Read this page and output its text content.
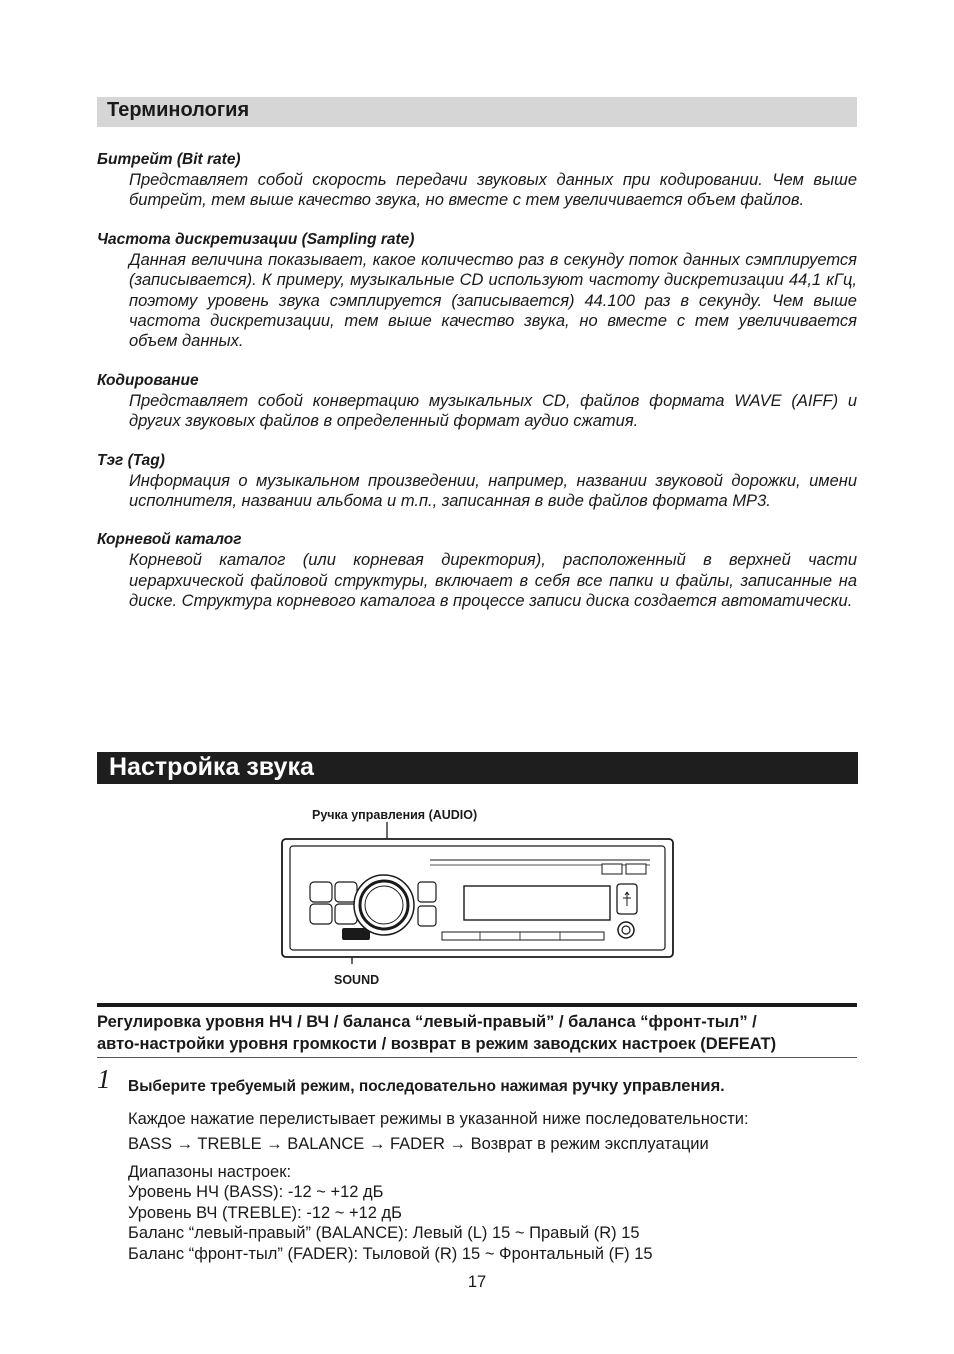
Терминология
Битрейт (Bit rate)
Представляет собой скорость передачи звуковых данных при кодировании. Чем выше битрейт, тем выше качество звука, но вместе с тем увеличивается объем файлов.
Частота дискретизации (Sampling rate)
Данная величина показывает, какое количество раз в секунду поток данных сэмплируется (записывается). К примеру, музыкальные CD используют частоту дискретизации 44,1 кГц, поэтому уровень звука сэмплируется (записывается) 44.100 раз в секунду. Чем выше частота дискретизации, тем выше качество звука, но вместе с тем увеличивается объем данных.
Кодирование
Представляет собой конвертацию музыкальных CD, файлов формата WAVE (AIFF) и других звуковых файлов в определенный формат аудио сжатия.
Тэг (Tag)
Информация о музыкальном произведении, например, названии звуковой дорожки, имени исполнителя, названии альбома и т.п., записанная в виде файлов формата MP3.
Корневой каталог
Корневой каталог (или корневая директория), расположенный в верхней части иерархической файловой структуры, включает в себя все папки и файлы, записанные на диске. Структура корневого каталога в процессе записи диска создается автоматически.
Настройка звука
Ручка управления (AUDIO)
SOUND
Регулировка уровня НЧ / ВЧ / баланса “левый-правый” / баланса “фронт-тыл” /
авто-настройки уровня громкости / возврат в режим заводских настроек (DEFEAT)
1 Выберите требуемый режим, последовательно нажимая ручку управления.
Каждое нажатие перелистывает режимы в указанной ниже последовательности:
BASS → TREBLE → BALANCE → FADER → Возврат в режим эксплуатации
Диапазоны настроек:
Уровень НЧ (BASS): -12 ~ +12 дБ
Уровень ВЧ (TREBLE): -12 ~ +12 дБ
Баланс “левый-правый” (BALANCE): Левый (L) 15 ~ Правый (R) 15
Баланс “фронт-тыл” (FADER): Тыловой (R) 15 ~ Фронтальный (F) 15
17
